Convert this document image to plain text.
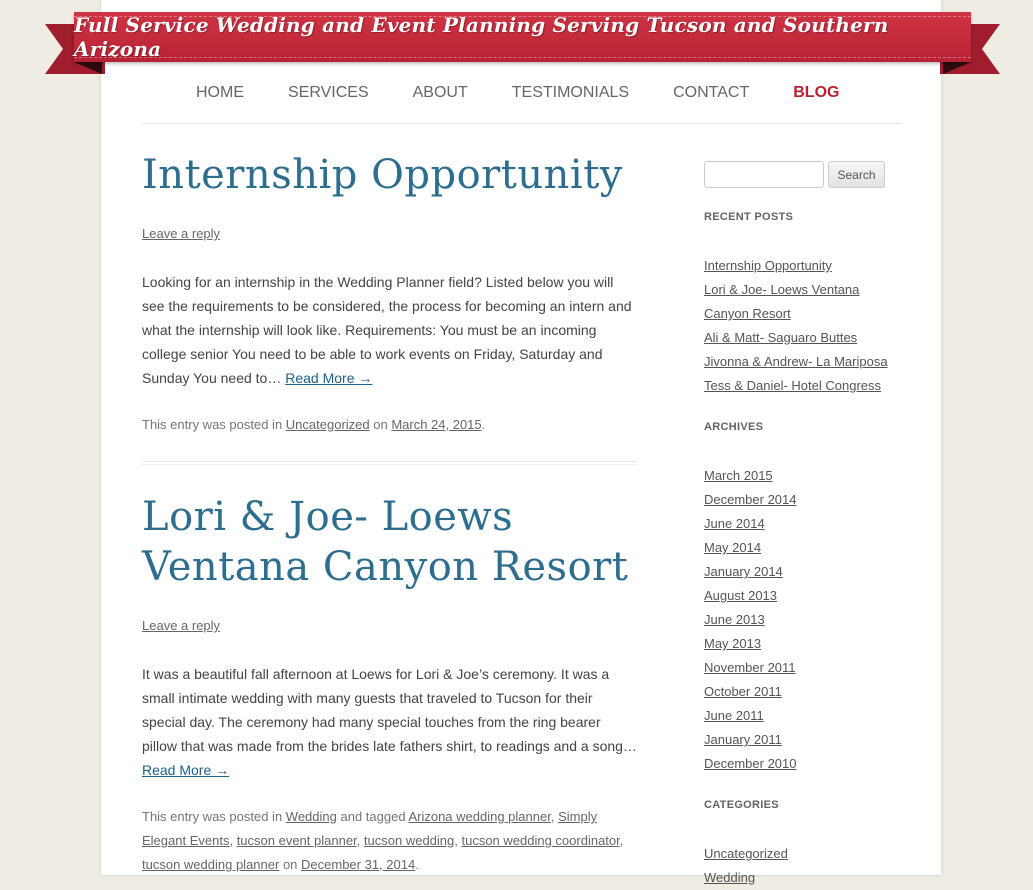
Full Service Wedding and Event Planning Serving Tucson and Southern Arizona
HOME	SERVICES	ABOUT	TESTIMONIALS	CONTACT	BLOG
Internship Opportunity
Leave a reply
Looking for an internship in the Wedding Planner field? Listed below you will see the requirements to be considered, the process for becoming an intern and what the internship will look like. Requirements: You must be an incoming college senior You need to be able to work events on Friday, Saturday and Sunday You need to… Read More →
This entry was posted in Uncategorized on March 24, 2015.
Lori & Joe- Loews
Ventana Canyon Resort
Leave a reply
It was a beautiful fall afternoon at Loews for Lori & Joe’s ceremony. It was a small intimate wedding with many guests that traveled to Tucson for their special day. The ceremony had many special touches from the ring bearer pillow that was made from the brides late fathers shirt, to readings and a song… Read More →
This entry was posted in Wedding and tagged Arizona wedding planner, Simply Elegant Events, tucson event planner, tucson wedding, tucson wedding coordinator, tucson wedding planner on December 31, 2014.
Search
RECENT POSTS
Internship Opportunity
Lori & Joe- Loews Ventana Canyon Resort
Ali & Matt- Saguaro Buttes
Jivonna & Andrew- La Mariposa
Tess & Daniel- Hotel Congress
ARCHIVES
March 2015
December 2014
June 2014
May 2014
January 2014
August 2013
June 2013
May 2013
November 2011
October 2011
June 2011
January 2011
December 2010
CATEGORIES
Uncategorized
Wedding
